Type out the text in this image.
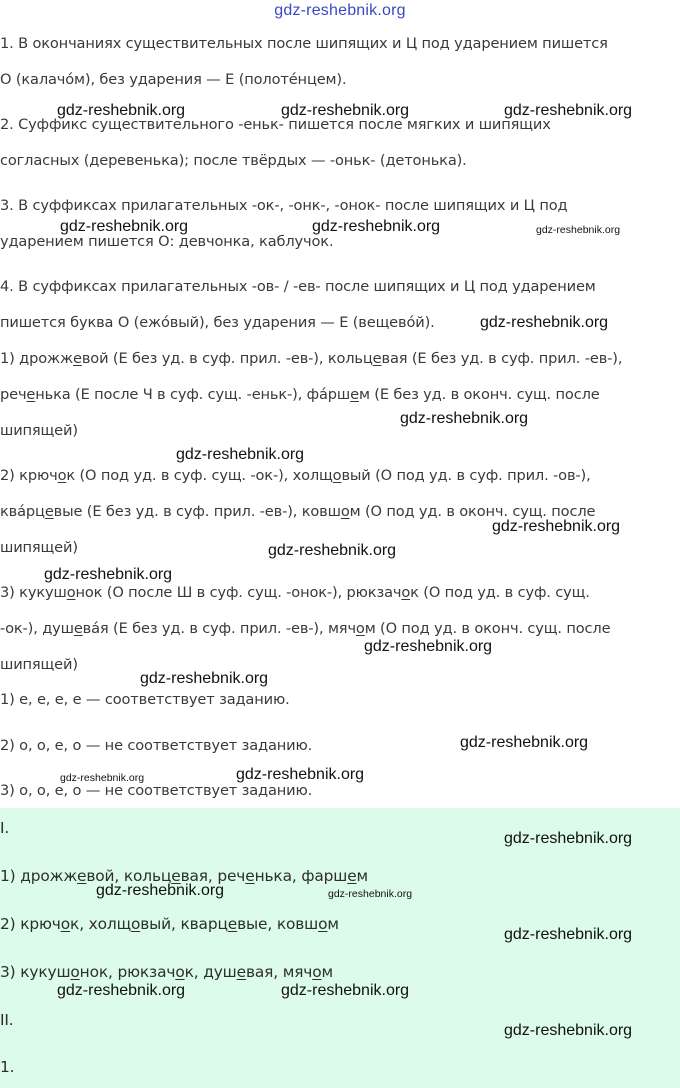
gdz-reshebnik.org
1. В окончаниях существительных после шипящих и Ц под ударением пишется
О (калачо́м), без ударения — Е (полоте́нцем).
2. Суффикс существительного -еньк- пишется после мягких и шипящих
согласных (деревенька); после твёрдых — -оньк- (детонька).
3. В суффиксах прилагательных -ок-, -онк-, -онок- после шипящих и Ц под
ударением пишется О: девчонка, каблучок.
4. В суффиксах прилагательных -ов- / -ев- после шипящих и Ц под ударением
пишется буква О (ежо́вый), без ударения — Е (вещево́й).
1) дрожжевой (Е без уд. в суф. прил. -ев-), кольцевая (Е без уд. в суф. прил. -ев-),
реченька (Е после Ч в суф. сущ. -еньк-), фа́ршем (Е без уд. в оконч. сущ. после
шипящей)
2) крючок (О под уд. в суф. сущ. -ок-), холщовый (О под уд. в суф. прил. -ов-),
ква́рцевые (Е без уд. в суф. прил. -ев-), ковшом (О под уд. в оконч. сущ. после
шипящей)
3) кукушонок (О после Ш в суф. сущ. -онок-), рюкзачок (О под уд. в суф. сущ.
-ок-), душева́я (Е без уд. в суф. прил. -ев-), мячом (О под уд. в оконч. сущ. после
шипящей)
1) е, е, е, е — соответствует заданию.
2) о, о, е, о — не соответствует заданию.
3) о, о, е, о — не соответствует заданию.
I.
1) дрожжевой, кольцевая, реченька, фаршем
2) крючок, холщовый, кварцевые, ковшом
3) кукушонок, рюкзачок, душевая, мячом
II.
1.
gdz-reshebnik.org	gdz-reshebnik.org	gdz-reshebnik.org
gdz-reshebnik.org	gdz-reshebnik.org	gdz-reshebnik.org
gdz-reshebnik.org
gdz-reshebnik.org
gdz-reshebnik.org
gdz-reshebnik.org
gdz-reshebnik.org
gdz-reshebnik.org
gdz-reshebnik.org
gdz-reshebnik.org
gdz-reshebnik.org
gdz-reshebnik.org	gdz-reshebnik.org
gdz-reshebnik.org
gdz-reshebnik.org	gdz-reshebnik.org
gdz-reshebnik.org
gdz-reshebnik.org	gdz-reshebnik.org
gdz-reshebnik.org
